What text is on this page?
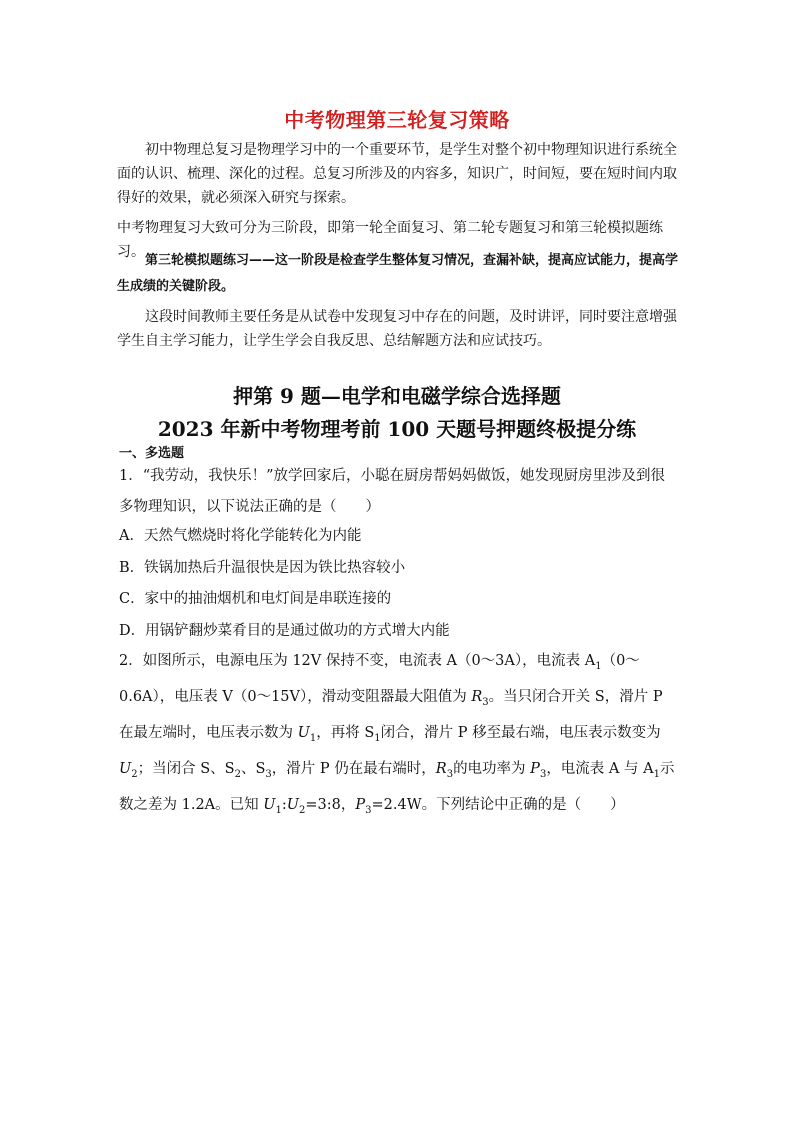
中考物理第三轮复习策略
初中物理总复习是物理学习中的一个重要环节，是学生对整个初中物理知识进行系统全面的认识、梳理、深化的过程。总复习所涉及的内容多，知识广，时间短，要在短时间内取得好的效果，就必须深入研究与探索。
中考物理复习大致可分为三阶段，即第一轮全面复习、第二轮专题复习和第三轮模拟题练习。
第三轮模拟题练习——这一阶段是检查学生整体复习情况，查漏补缺，提高应试能力，提高学生成绩的关键阶段。
这段时间教师主要任务是从试卷中发现复习中存在的问题，及时讲评，同时要注意增强学生自主学习能力，让学生学会自我反思、总结解题方法和应试技巧。
押第 9 题—电学和电磁学综合选择题
2023 年新中考物理考前 100 天题号押题终极提分练
一、多选题
1．“我劳动，我快乐！”放学回家后，小聪在厨房帮妈妈做饭，她发现厨房里涉及到很多物理知识，以下说法正确的是（　　）
A．天然气燃烧时将化学能转化为内能
B．铁锅加热后升温很快是因为铁比热容较小
C．家中的抽油烟机和电灯间是串联连接的
D．用锅铲翻炒菜肴目的是通过做功的方式增大内能
2．如图所示，电源电压为 12V 保持不变，电流表 A（0～3A），电流表 $A_1(0\sim 0.6A)$，电压表 V（0～15V），滑动变阻器最大阻值为 $R_3$。当只闭合开关 S，滑片 P 在最左端时，电压表示数为 $U_1$，再将 $S_1$闭合，滑片 P 移至最右端，电压表示数变为 $U_2$；当闭合 S、$S_2$、$S_3$，滑片 P 仍在最右端时，$R_3$的电功率为 $P_3$，电流表 A 与 $A_1$示数之差为 1.2A。已知 $U_1:U_2=3:8$，$P_3=2.4W$。下列结论中正确的是（　　）
